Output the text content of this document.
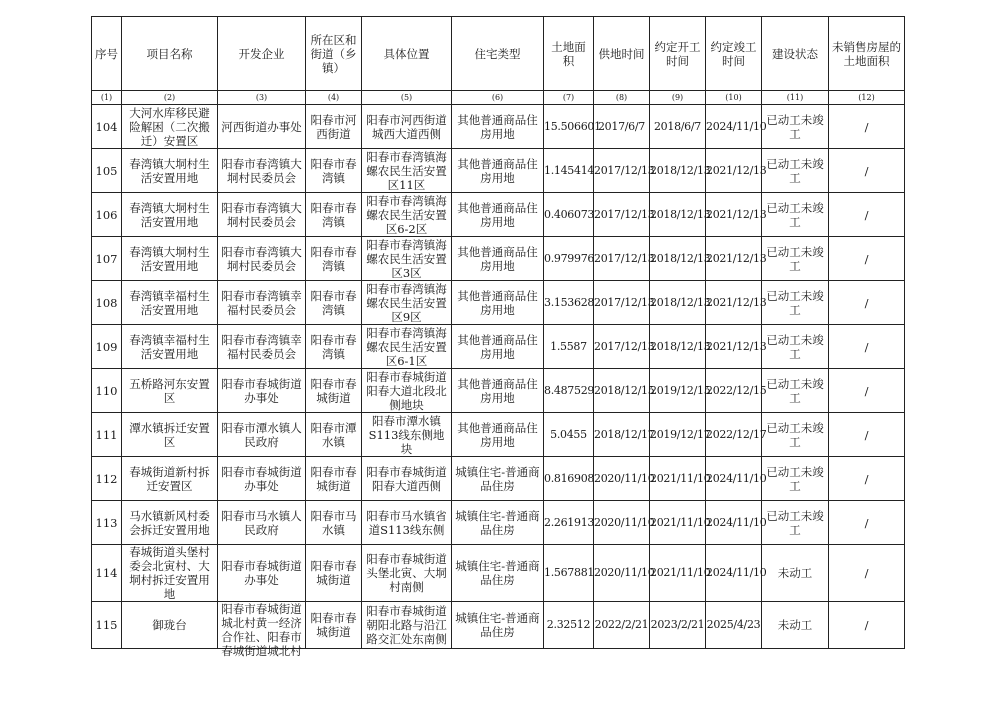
序号	项目名称	开发企业	所在区和街道（乡镇）	具体位置	住宅类型	土地面积	供地时间	约定开工时间	约定竣工时间	建设状态	未销售房屋的土地面积
(1)	(2)	(3)	(4)	(5)	(6)	(7)	(8)	(9)	(10)	(11)	(12)
104	大河水库移民避险解困（二次搬迁）安置区	河西街道办事处	阳春市河西街道	阳春市河西街道城西大道西侧	其他普通商品住房用地	15.506601	2017/6/7	2018/6/7	2024/11/10	已动工未竣工	/
105	春湾镇大垌村生活安置用地	阳春市春湾镇大垌村民委员会	阳春市春湾镇	阳春市春湾镇海螺农民生活安置区11区	其他普通商品住房用地	1.145414	2017/12/13	2018/12/13	2021/12/13	已动工未竣工	/
106	春湾镇大垌村生活安置用地	阳春市春湾镇大垌村民委员会	阳春市春湾镇	阳春市春湾镇海螺农民生活安置区6-2区	其他普通商品住房用地	0.406073	2017/12/13	2018/12/13	2021/12/13	已动工未竣工	/
107	春湾镇大垌村生活安置用地	阳春市春湾镇大垌村民委员会	阳春市春湾镇	阳春市春湾镇海螺农民生活安置区3区	其他普通商品住房用地	0.979976	2017/12/13	2018/12/13	2021/12/13	已动工未竣工	/
108	春湾镇幸福村生活安置用地	阳春市春湾镇幸福村民委员会	阳春市春湾镇	阳春市春湾镇海螺农民生活安置区9区	其他普通商品住房用地	3.153628	2017/12/13	2018/12/13	2021/12/13	已动工未竣工	/
109	春湾镇幸福村生活安置用地	阳春市春湾镇幸福村民委员会	阳春市春湾镇	阳春市春湾镇海螺农民生活安置区6-1区	其他普通商品住房用地	1.5587	2017/12/13	2018/12/13	2021/12/13	已动工未竣工	/
110	五桥路河东安置区	阳春市春城街道办事处	阳春市春城街道	阳春市春城街道阳春大道北段北侧地块	其他普通商品住房用地	8.487529	2018/12/15	2019/12/15	2022/12/15	已动工未竣工	/
111	潭水镇拆迁安置区	阳春市潭水镇人民政府	阳春市潭水镇	阳春市潭水镇S113线东侧地块	其他普通商品住房用地	5.0455	2018/12/17	2019/12/17	2022/12/17	已动工未竣工	/
112	春城街道新村拆迁安置区	阳春市春城街道办事处	阳春市春城街道	阳春市春城街道阳春大道西侧	城镇住宅-普通商品住房	0.816908	2020/11/10	2021/11/10	2024/11/10	已动工未竣工	/
113	马水镇新风村委会拆迁安置用地	阳春市马水镇人民政府	阳春市马水镇	阳春市马水镇省道S113线东侧	城镇住宅-普通商品住房	2.261913	2020/11/10	2021/11/10	2024/11/10	已动工未竣工	/
114	春城街道头堡村委会北寅村、大垌村拆迁安置用地	阳春市春城街道办事处	阳春市春城街道	阳春市春城街道头堡北寅、大垌村南侧	城镇住宅-普通商品住房	1.567881	2020/11/10	2021/11/10	2024/11/10	未动工	/
115	御珑台	阳春市春城街道城北村黄一经济合作社、阳春市春城街道城北村	阳春市春城街道	阳春市春城街道朝阳北路与沿江路交汇处东南侧	城镇住宅-普通商品住房	2.32512	2022/2/21	2023/2/21	2025/4/23	未动工	/
